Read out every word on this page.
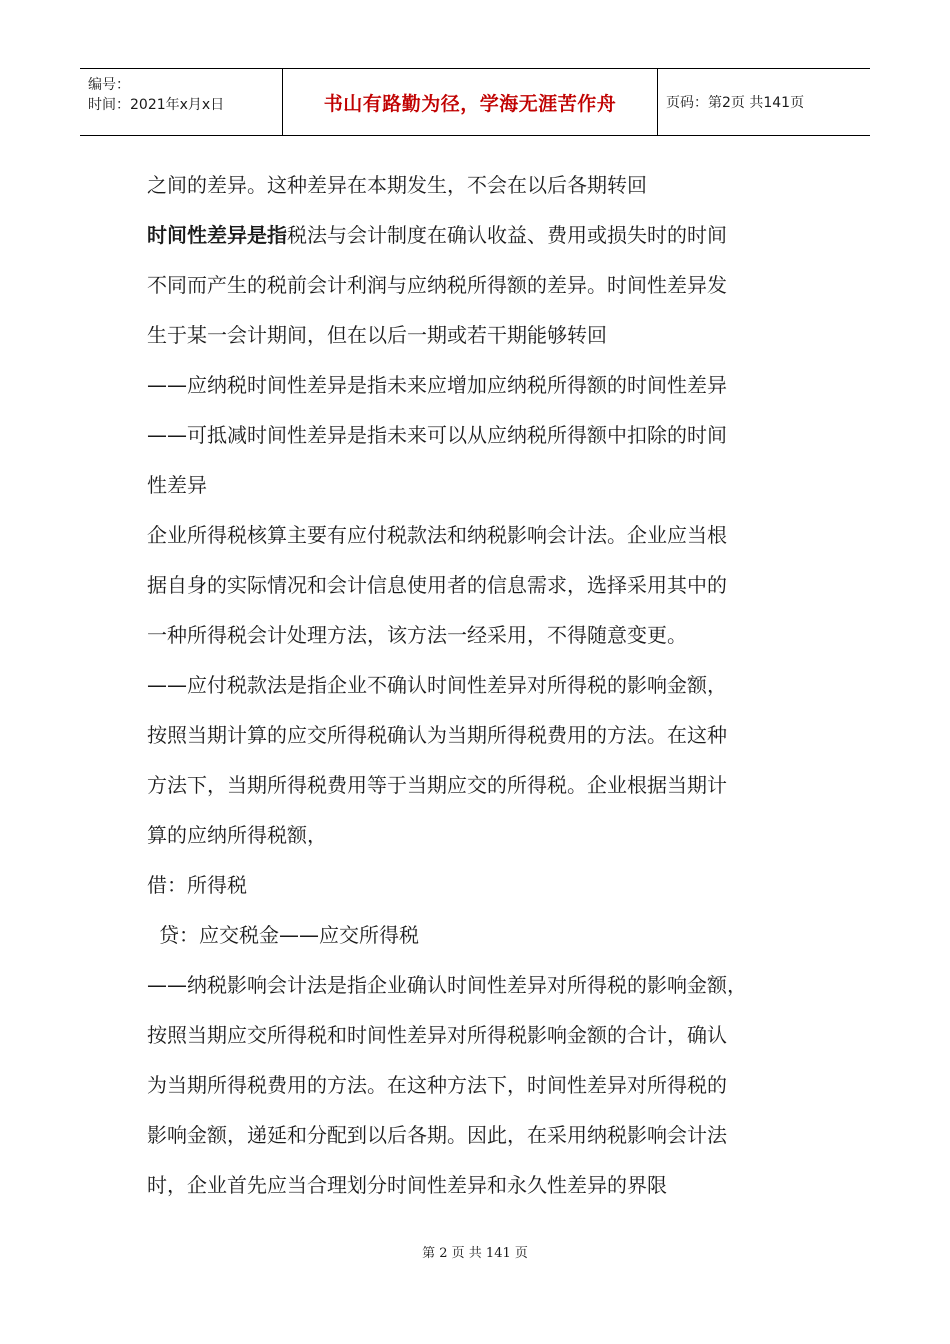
编号：
时间：2021年x月x日	书山有路勤为径，学海无涯苦作舟	页码：第2页 共141页
之间的差异。这种差异在本期发生，不会在以后各期转回
时间性差异是指税法与会计制度在确认收益、费用或损失时的时间
不同而产生的税前会计利润与应纳税所得额的差异。时间性差异发
生于某一会计期间，但在以后一期或若干期能够转回
——应纳税时间性差异是指未来应增加应纳税所得额的时间性差异
——可抵减时间性差异是指未来可以从应纳税所得额中扣除的时间
性差异
企业所得税核算主要有应付税款法和纳税影响会计法。企业应当根
据自身的实际情况和会计信息使用者的信息需求，选择采用其中的
一种所得税会计处理方法，该方法一经采用，不得随意变更。
——应付税款法是指企业不确认时间性差异对所得税的影响金额，
按照当期计算的应交所得税确认为当期所得税费用的方法。在这种
方法下，当期所得税费用等于当期应交的所得税。企业根据当期计
算的应纳所得税额，
借：所得税
贷：应交税金——应交所得税
——纳税影响会计法是指企业确认时间性差异对所得税的影响金额，
按照当期应交所得税和时间性差异对所得税影响金额的合计，确认
为当期所得税费用的方法。在这种方法下，时间性差异对所得税的
影响金额，递延和分配到以后各期。因此，在采用纳税影响会计法
时，企业首先应当合理划分时间性差异和永久性差异的界限
第 2 页 共 141 页
